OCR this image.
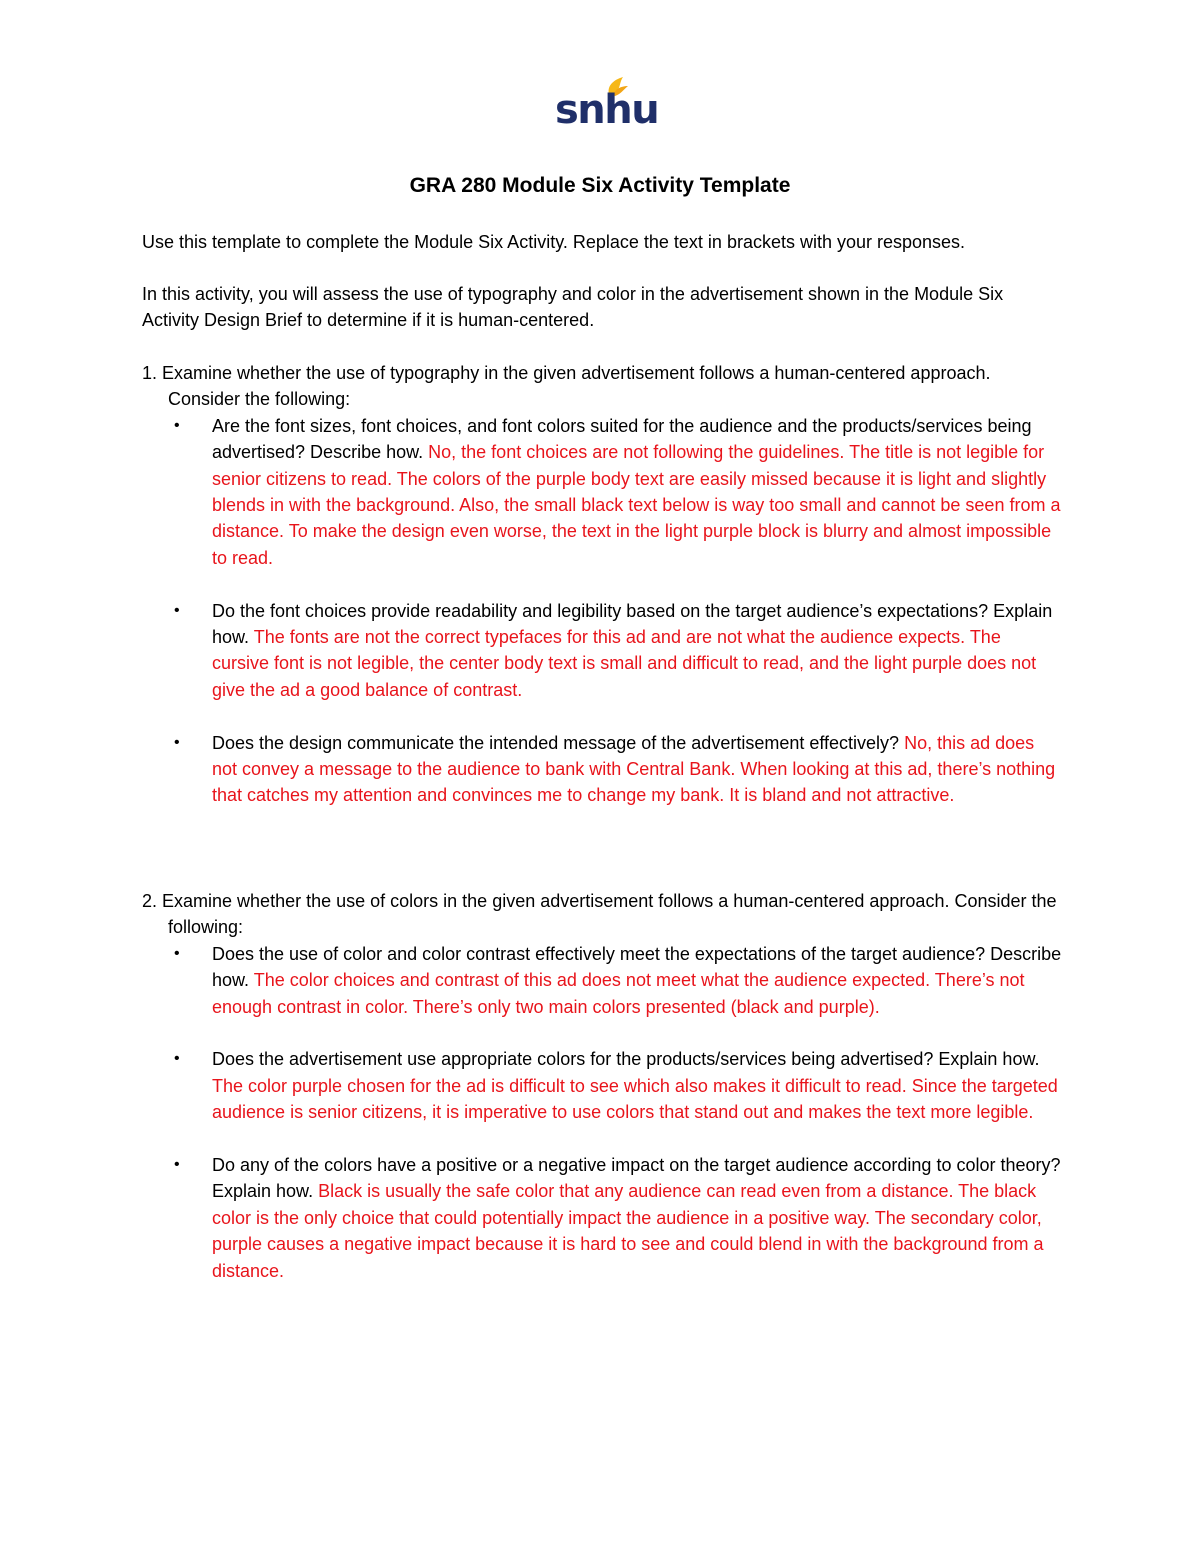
snhu
GRA 280 Module Six Activity Template

Use this template to complete the Module Six Activity. Replace the text in brackets with your responses.

In this activity, you will assess the use of typography and color in the advertisement shown in the Module Six Activity Design Brief to determine if it is human-centered.

1. Examine whether the use of typography in the given advertisement follows a human-centered approach. Consider the following:

• Are the font sizes, font choices, and font colors suited for the audience and the products/services being advertised? Describe how. No, the font choices are not following the guidelines. The title is not legible for senior citizens to read. The colors of the purple body text are easily missed because it is light and slightly blends in with the background. Also, the small black text below is way too small and cannot be seen from a distance. To make the design even worse, the text in the light purple block is blurry and almost impossible to read.
• Do the font choices provide readability and legibility based on the target audience’s expectations? Explain how. The fonts are not the correct typefaces for this ad and are not what the audience expects. The cursive font is not legible, the center body text is small and difficult to read, and the light purple does not give the ad a good balance of contrast.
• Does the design communicate the intended message of the advertisement effectively? No, this ad does not convey a message to the audience to bank with Central Bank. When looking at this ad, there’s nothing that catches my attention and convinces me to change my bank. It is bland and not attractive.

2. Examine whether the use of colors in the given advertisement follows a human-centered approach. Consider the following:

• Does the use of color and color contrast effectively meet the expectations of the target audience? Describe how. The color choices and contrast of this ad does not meet what the audience expected. There’s not enough contrast in color. There’s only two main colors presented (black and purple).
• Does the advertisement use appropriate colors for the products/services being advertised? Explain how. The color purple chosen for the ad is difficult to see which also makes it difficult to read. Since the targeted audience is senior citizens, it is imperative to use colors that stand out and makes the text more legible.
• Do any of the colors have a positive or a negative impact on the target audience according to color theory? Explain how. Black is usually the safe color that any audience can read even from a distance. The black color is the only choice that could potentially impact the audience in a positive way. The secondary color, purple causes a negative impact because it is hard to see and could blend in with the background from a distance.
